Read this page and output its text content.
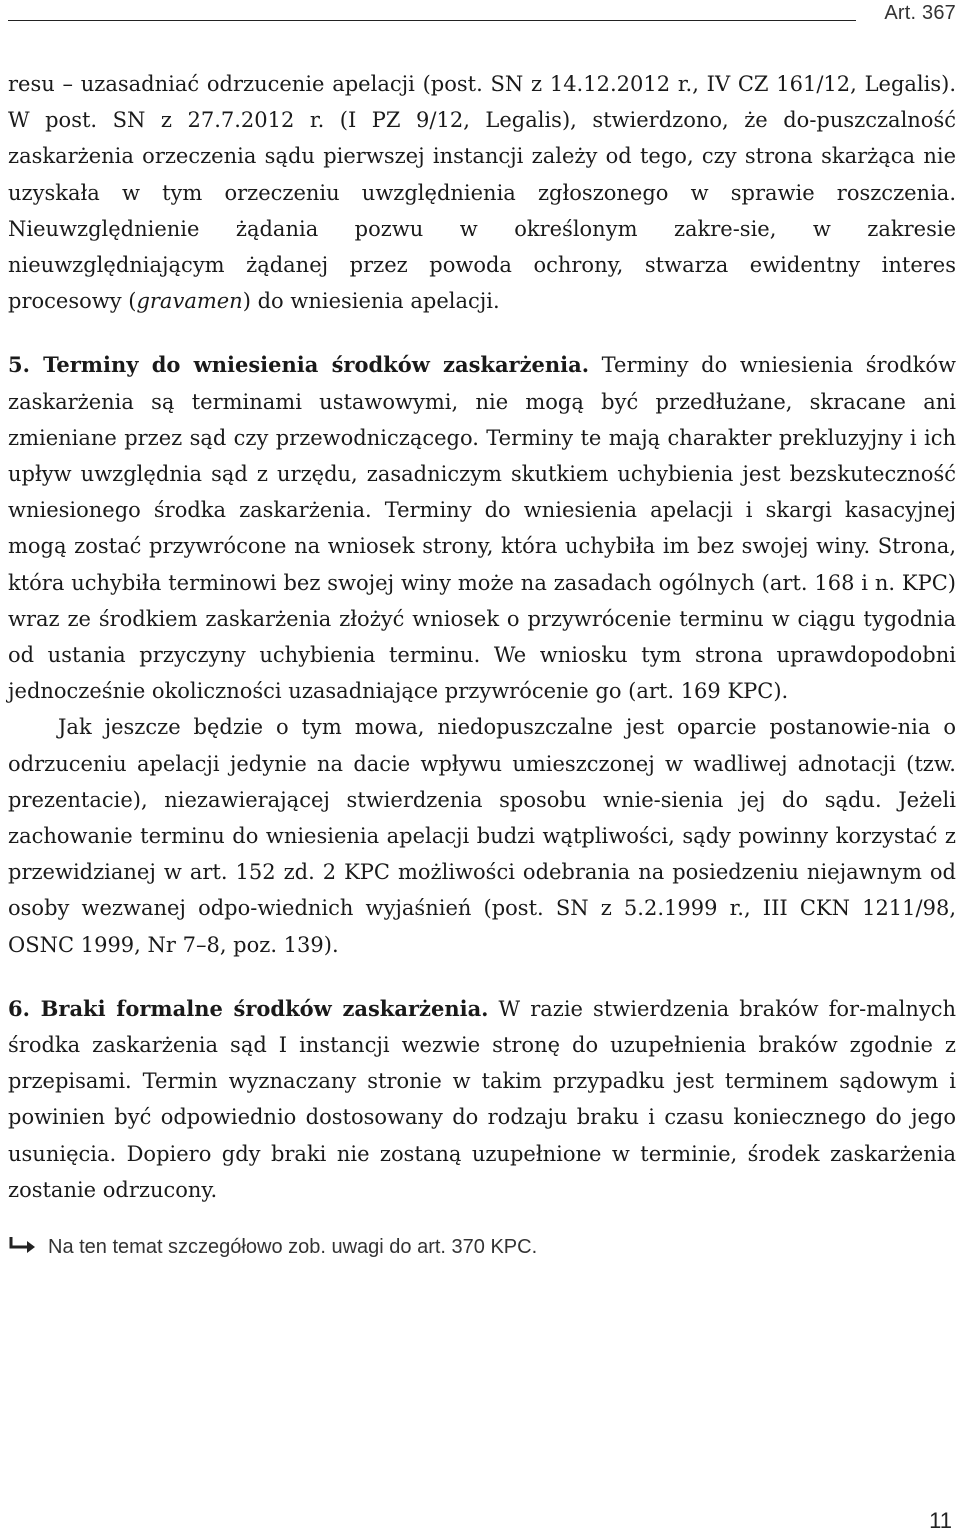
Art. 367

resu – uzasadniać odrzucenie apelacji (post. SN z 14.12.2012 r., IV CZ 161/12, Legalis). W post. SN z 27.7.2012 r. (I PZ 9/12, Legalis), stwierdzono, że do-puszczalność zaskarżenia orzeczenia sądu pierwszej instancji zależy od tego, czy strona skarżąca nie uzyskała w tym orzeczeniu uwzględnienia zgłoszonego w sprawie roszczenia. Nieuwzględnienie żądania pozwu w określonym zakre-sie, w zakresie nieuwzględniającym żądanej przez powoda ochrony, stwarza ewidentny interes procesowy (gravamen) do wniesienia apelacji.

5. Terminy do wniesienia środków zaskarżenia. Terminy do wniesienia środków zaskarżenia są terminami ustawowymi, nie mogą być przedłużane, skracane ani zmieniane przez sąd czy przewodniczącego. Terminy te mają charakter prekluzyjny i ich upływ uwzględnia sąd z urzędu, zasadniczym skutkiem uchybienia jest bezskuteczność wniesionego środka zaskarżenia. Terminy do wniesienia apelacji i skargi kasacyjnej mogą zostać przywrócone na wniosek strony, która uchybiła im bez swojej winy. Strona, która uchybiła terminowi bez swojej winy może na zasadach ogólnych (art. 168 i n. KPC) wraz ze środkiem zaskarżenia złożyć wniosek o przywrócenie terminu w ciągu tygodnia od ustania przyczyny uchybienia terminu. We wniosku tym strona uprawdopodobni jednocześnie okoliczności uzasadniające przywrócenie go (art. 169 KPC).

Jak jeszcze będzie o tym mowa, niedopuszczalne jest oparcie postanowie-nia o odrzuceniu apelacji jedynie na dacie wpływu umieszczonej w wadliwej adnotacji (tzw. prezentacie), niezawierającej stwierdzenia sposobu wnie-sienia jej do sądu. Jeżeli zachowanie terminu do wniesienia apelacji budzi wątpliwości, sądy powinny korzystać z przewidzianej w art. 152 zd. 2 KPC możliwości odebrania na posiedzeniu niejawnym od osoby wezwanej odpo-wiednich wyjaśnień (post. SN z 5.2.1999 r., III CKN 1211/98, OSNC 1999, Nr 7–8, poz. 139).

6. Braki formalne środków zaskarżenia. W razie stwierdzenia braków for-malnych środka zaskarżenia sąd I instancji wezwie stronę do uzupełnienia braków zgodnie z przepisami. Termin wyznaczany stronie w takim przypadku jest terminem sądowym i powinien być odpowiednio dostosowany do rodzaju braku i czasu koniecznego do jego usunięcia. Dopiero gdy braki nie zostaną uzupełnione w terminie, środek zaskarżenia zostanie odrzucony.

Na ten temat szczegółowo zob. uwagi do art. 370 KPC.
11
